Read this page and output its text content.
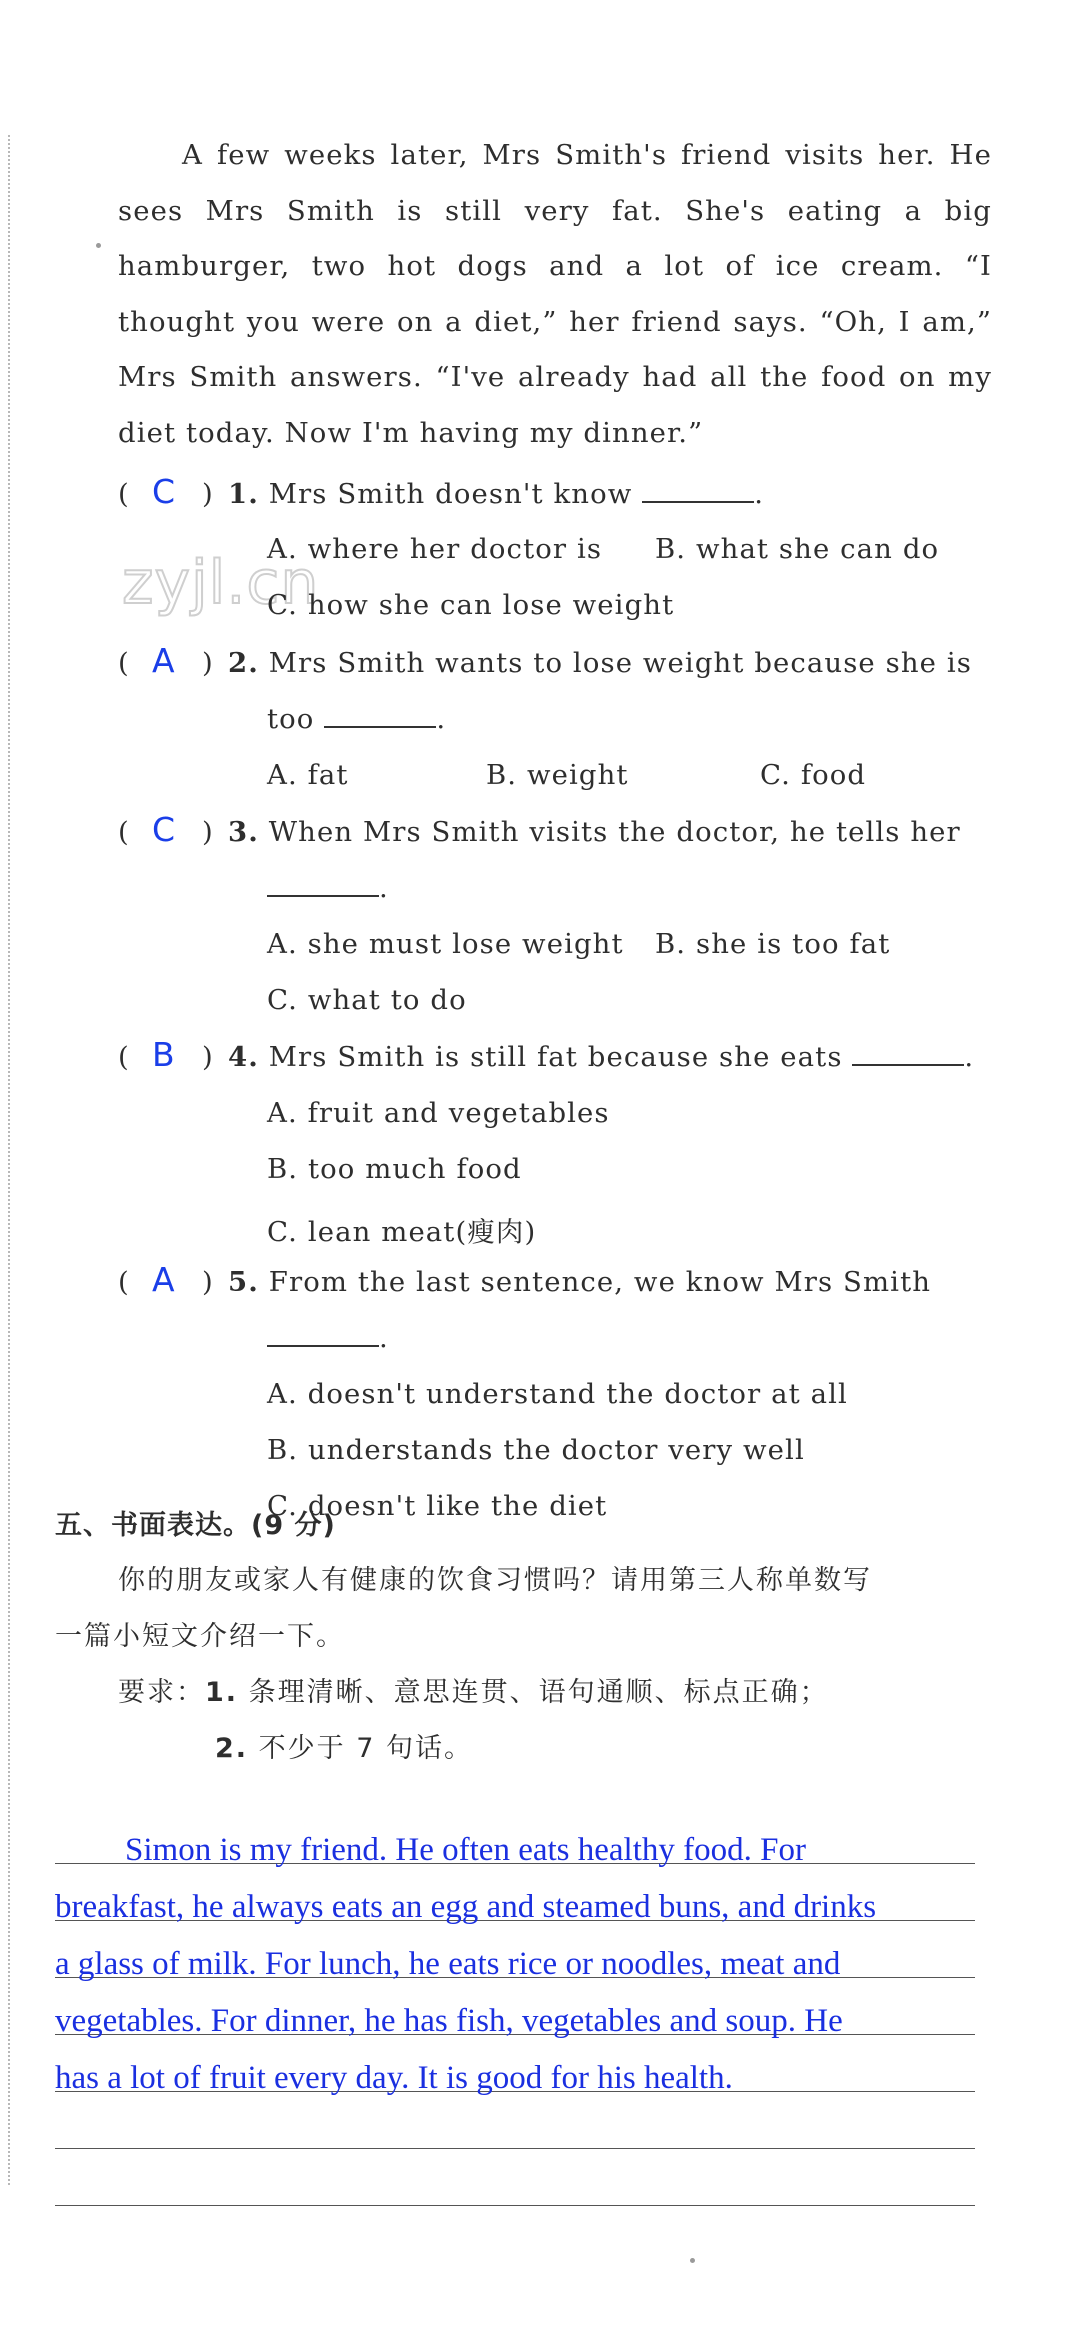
A few weeks later, Mrs Smith's friend visits her. He sees Mrs Smith is still very fat. She's eating a big hamburger, two hot dogs and a lot of ice cream. “I thought you were on a diet,” her friend says. “Oh, I am,” Mrs Smith answers. “I've already had all the food on my diet today. Now I'm having my dinner.”

zyjl.cn
( C ) 1. Mrs Smith doesn't know	.
A. where her doctor is B. what she can do
C. how she can lose weight
( A ) 2. Mrs Smith wants to lose weight because she is
too	.
A. fat	B. weight	C. food
( C ) 3. When Mrs Smith visits the doctor, he tells her
.
A. she must lose weight B. she is too fat
C. what to do
( B ) 4. Mrs Smith is still fat because she eats	.
A. fruit and vegetables
B. too much food
C. lean meat(瘦肉)
( A ) 5. From the last sentence, we know Mrs Smith
.
A. doesn't understand the doctor at all
B. understands the doctor very well
C. doesn't like the diet
五、书面表达。(9 分)
你的朋友或家人有健康的饮食习惯吗？请用第三人称单数写
一篇小短文介绍一下。
要求：1. 条理清晰、意思连贯、语句通顺、标点正确；
2. 不少于 7 句话。
Simon is my friend. He often eats healthy food. For
breakfast, he always eats an egg and steamed buns, and drinks
a glass of milk. For lunch, he eats rice or noodles, meat and
vegetables. For dinner, he has fish, vegetables and soup. He
has a lot of fruit every day. It is good for his health.
